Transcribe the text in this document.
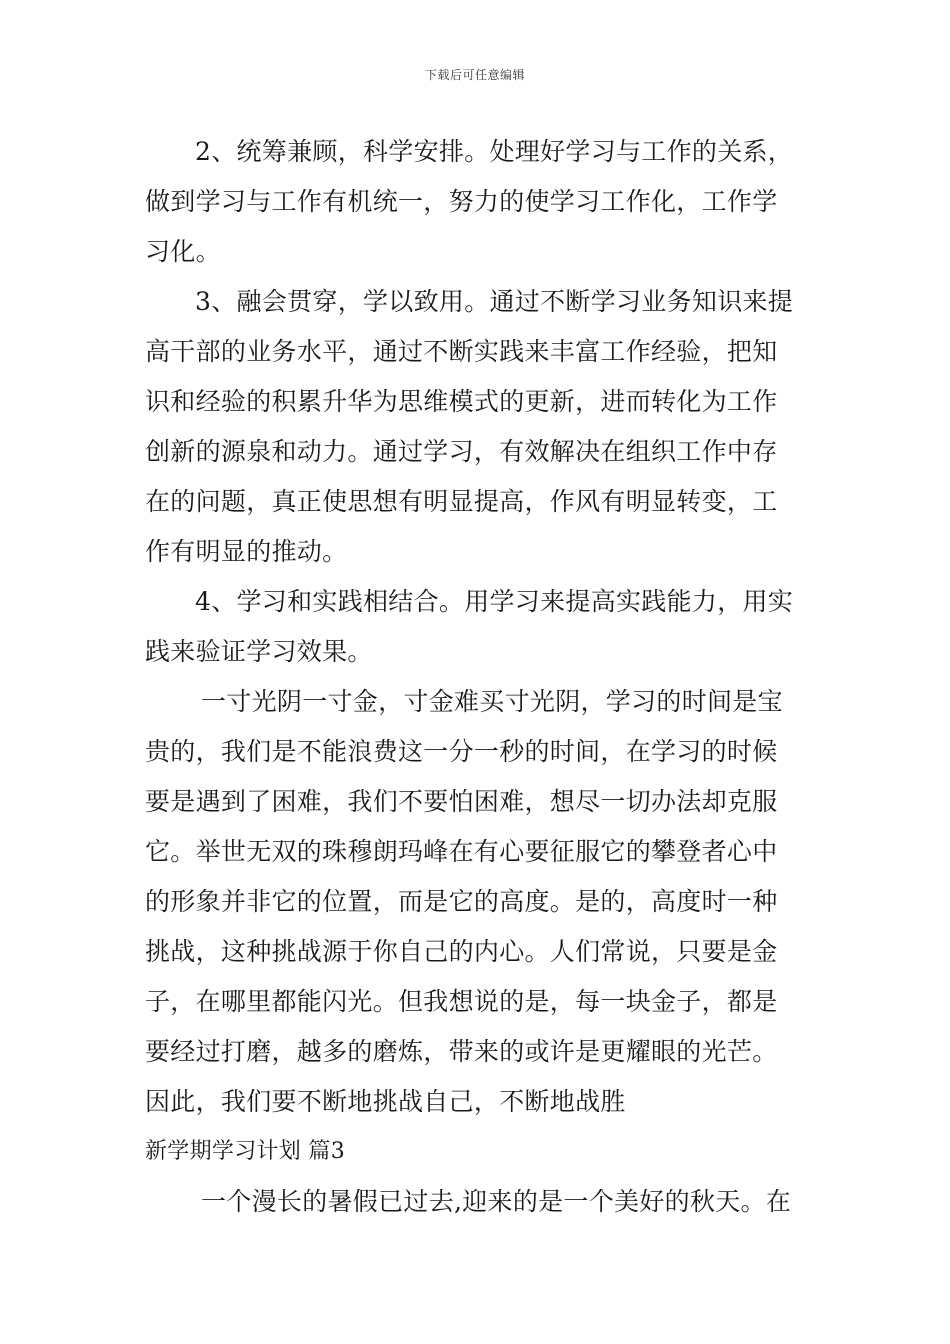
下载后可任意编辑
2、统筹兼顾，科学安排。处理好学习与工作的关系，
做到学习与工作有机统一，努力的使学习工作化，工作学
习化。
3、融会贯穿，学以致用。通过不断学习业务知识来提
高干部的业务水平，通过不断实践来丰富工作经验，把知
识和经验的积累升华为思维模式的更新，进而转化为工作
创新的源泉和动力。通过学习，有效解决在组织工作中存
在的问题，真正使思想有明显提高，作风有明显转变，工
作有明显的推动。
4、学习和实践相结合。用学习来提高实践能力，用实
践来验证学习效果。
一寸光阴一寸金，寸金难买寸光阴，学习的时间是宝
贵的，我们是不能浪费这一分一秒的时间，在学习的时候
要是遇到了困难，我们不要怕困难，想尽一切办法却克服
它。举世无双的珠穆朗玛峰在有心要征服它的攀登者心中
的形象并非它的位置，而是它的高度。是的，高度时一种
挑战，这种挑战源于你自己的内心。人们常说，只要是金
子，在哪里都能闪光。但我想说的是，每一块金子，都是
要经过打磨，越多的磨炼，带来的或许是更耀眼的光芒。
因此，我们要不断地挑战自己，不断地战胜
新学期学习计划 篇3
一个漫长的暑假已过去,迎来的是一个美好的秋天。在
